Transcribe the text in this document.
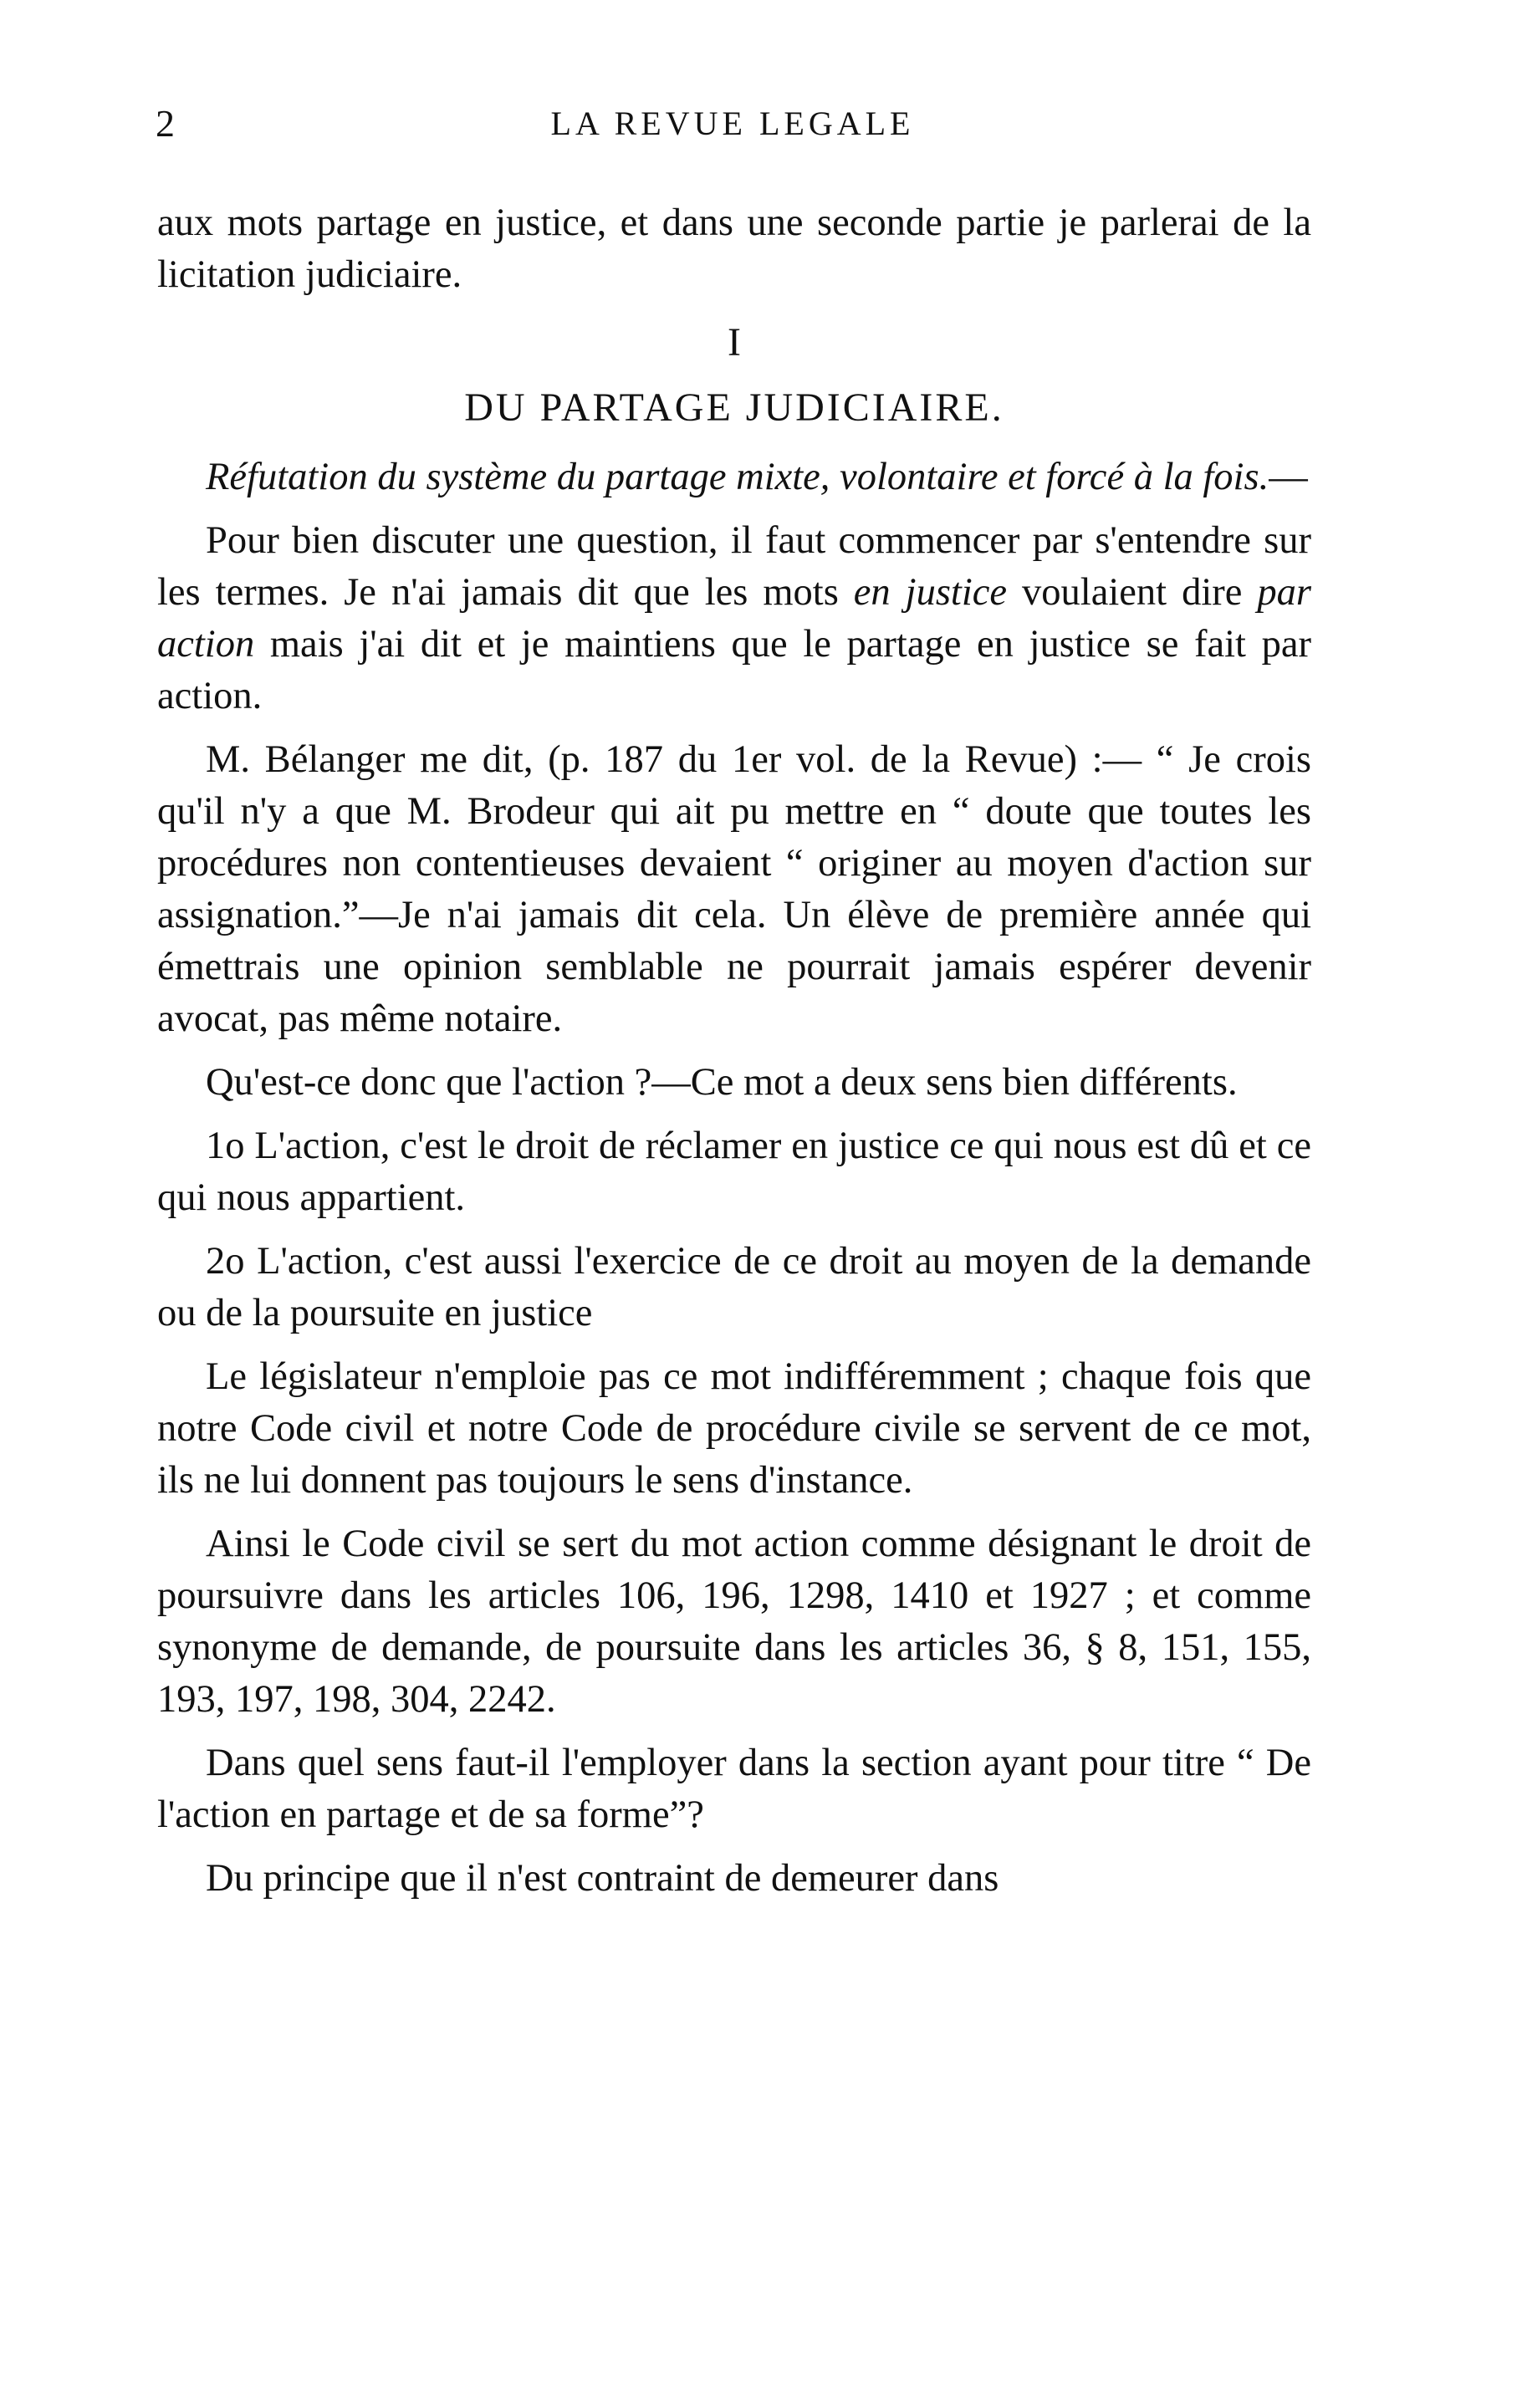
2	LA REVUE LEGALE

aux mots partage en justice, et dans une seconde partie je parlerai de la licitation judiciaire.

I
DU PARTAGE JUDICIAIRE.

Réfutation du système du partage mixte, volontaire et forcé à la fois.—

Pour bien discuter une question, il faut commencer par s'entendre sur les termes. Je n'ai jamais dit que les mots en justice voulaient dire par action mais j'ai dit et je maintiens que le partage en justice se fait par action.

M. Bélanger me dit, (p. 187 du 1er vol. de la Revue) :— “ Je crois qu'il n'y a que M. Brodeur qui ait pu mettre en “ doute que toutes les procédures non contentieuses devaient “ originer au moyen d'action sur assignation.”—Je n'ai jamais dit cela. Un élève de première année qui émettrais une opinion semblable ne pourrait jamais espérer devenir avocat, pas même notaire.

Qu'est-ce donc que l'action ?—Ce mot a deux sens bien différents.

1o L'action, c'est le droit de réclamer en justice ce qui nous est dû et ce qui nous appartient.

2o L'action, c'est aussi l'exercice de ce droit au moyen de la demande ou de la poursuite en justice

Le législateur n'emploie pas ce mot indifféremment ; chaque fois que notre Code civil et notre Code de procédure civile se servent de ce mot, ils ne lui donnent pas toujours le sens d'instance.

Ainsi le Code civil se sert du mot action comme désignant le droit de poursuivre dans les articles 106, 196, 1298, 1410 et 1927 ; et comme synonyme de demande, de poursuite dans les articles 36, § 8, 151, 155, 193, 197, 198, 304, 2242.

Dans quel sens faut-il l'employer dans la section ayant pour titre “ De l'action en partage et de sa forme”?

Du principe que il n'est contraint de demeurer dans
